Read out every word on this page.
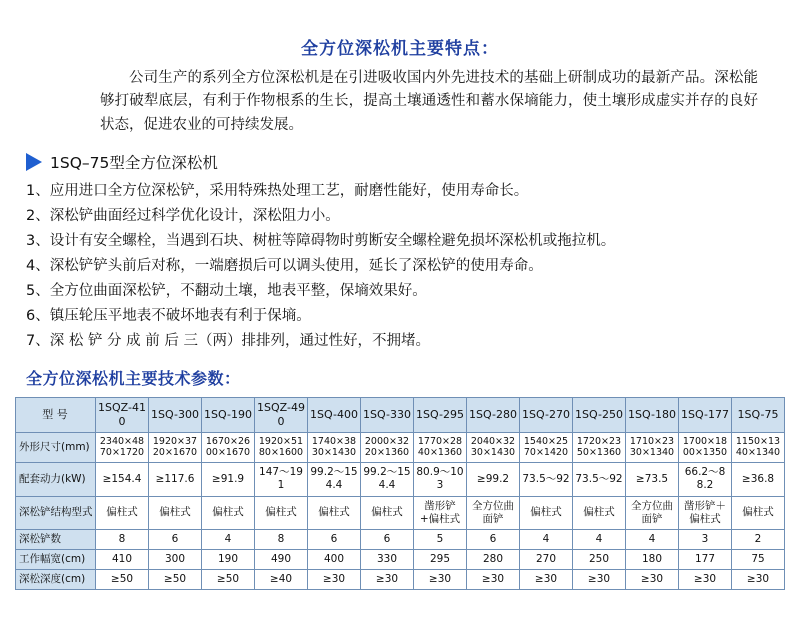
全方位深松机主要特点：
公司生产的系列全方位深松机是在引进吸收国内外先进技术的基础上研制成功的最新产品。深松能 够打破犁底层，有利于作物根系的生长，提高土壤通透性和蓄水保墒能力，使土壤形成虚实并存的良好状态，促进农业的可持续发展。
1SQ–75型全方位深松机
1、应用进口全方位深松铲，采用特殊热处理工艺，耐磨性能好，使用寿命长。
2、深松铲曲面经过科学优化设计，深松阻力小。
3、设计有安全螺栓，当遇到石块、树桩等障碍物时剪断安全螺栓避免损坏深松机或拖拉机。
4、深松铲铲头前后对称，一端磨损后可以调头使用，延长了深松铲的使用寿命。
5、全方位曲面深松铲，不翻动土壤，地表平整，保墒效果好。
6、镇压轮压平地表不破坏地表有利于保墒。
7、深 松 铲 分 成 前 后 三（两）排排列，通过性好，不拥堵。
全方位深松机主要技术参数：
型 号	1SQZ-410	1SQ-300	1SQ-190	1SQZ-490	1SQ-400	1SQ-330	1SQ-295	1SQ-280	1SQ-270	1SQ-250	1SQ-180	1SQ-177	1SQ-75
外形尺寸(mm)	2340×4870×1720	1920×3720×1670	1670×2600×1670	1920×5180×1600	1740×3830×1430	2000×3220×1360	1770×2840×1360	2040×3230×1430	1540×2570×1420	1720×2350×1360	1710×2330×1340	1700×1800×1350	1150×1340×1340
配套动力(kW)	≥154.4	≥117.6	≥91.9	147～191	99.2～154.4	99.2～154.4	80.9～103	≥99.2	73.5～92	73.5～92	≥73.5	66.2～88.2	≥36.8
深松铲结构型式	偏柱式	偏柱式	偏柱式	偏柱式	偏柱式	偏柱式	凿形铲+偏柱式	全方位曲面铲	偏柱式	偏柱式	全方位曲面铲	凿形铲＋偏柱式	偏柱式
深松铲数	8	6	4	8	6	6	5	6	4	4	4	3	2
工作幅宽(cm)	410	300	190	490	400	330	295	280	270	250	180	177	75
深松深度(cm)	≥50	≥50	≥50	≥40	≥30	≥30	≥30	≥30	≥30	≥30	≥30	≥30	≥30
